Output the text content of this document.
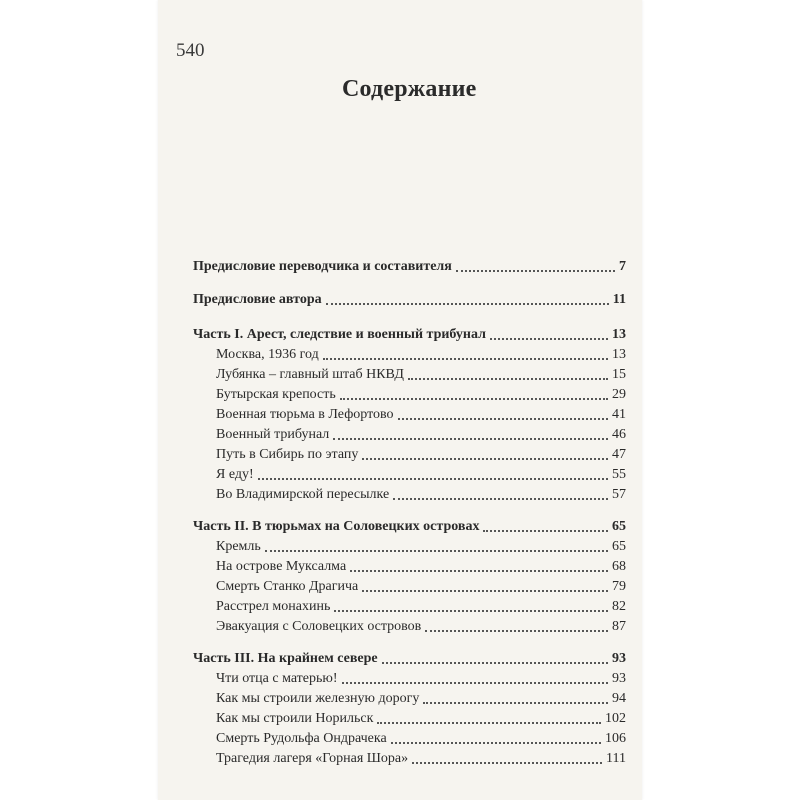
540
Содержание
Предисловие переводчика и составителя	7
Предисловие автора	11
Часть I. Арест, следствие и военный трибунал	13
Москва, 1936 год	13
Лубянка – главный штаб НКВД	15
Бутырская крепость	29
Военная тюрьма в Лефортово	41
Военный трибунал	46
Путь в Сибирь по этапу	47
Я еду!	55
Во Владимирской пересылке	57
Часть II. В тюрьмах на Соловецких островах	65
Кремль	65
На острове Муксалма	68
Смерть Станко Драгича	79
Расстрел монахинь	82
Эвакуация с Соловецких островов	87
Часть III. На крайнем севере	93
Чти отца с матерью!	93
Как мы строили железную дорогу	94
Как мы строили Норильск	102
Смерть Рудольфа Ондрачека	106
Трагедия лагеря «Горная Шора»	111
